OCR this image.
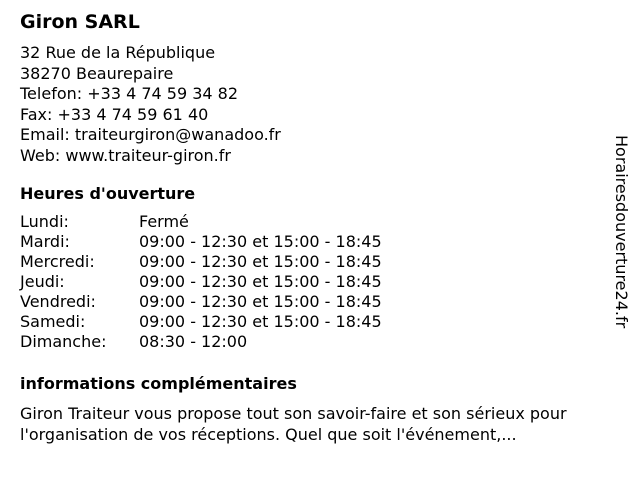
Giron SARL
32 Rue de la République
38270 Beaurepaire
Telefon: +33 4 74 59 34 82
Fax: +33 4 74 59 61 40
Email: traiteurgiron@wanadoo.fr
Web: www.traiteur-giron.fr
Heures d'ouverture
Lundi:	Fermé
Mardi:	09:00 - 12:30 et 15:00 - 18:45
Mercredi:	09:00 - 12:30 et 15:00 - 18:45
Jeudi:	09:00 - 12:30 et 15:00 - 18:45
Vendredi:	09:00 - 12:30 et 15:00 - 18:45
Samedi:	09:00 - 12:30 et 15:00 - 18:45
Dimanche:	08:30 - 12:00
informations complémentaires
Giron Traiteur vous propose tout son savoir-faire et son sérieux pour l'organisation de vos réceptions. Quel que soit l'événement,...
Horairesdouverture24.fr
